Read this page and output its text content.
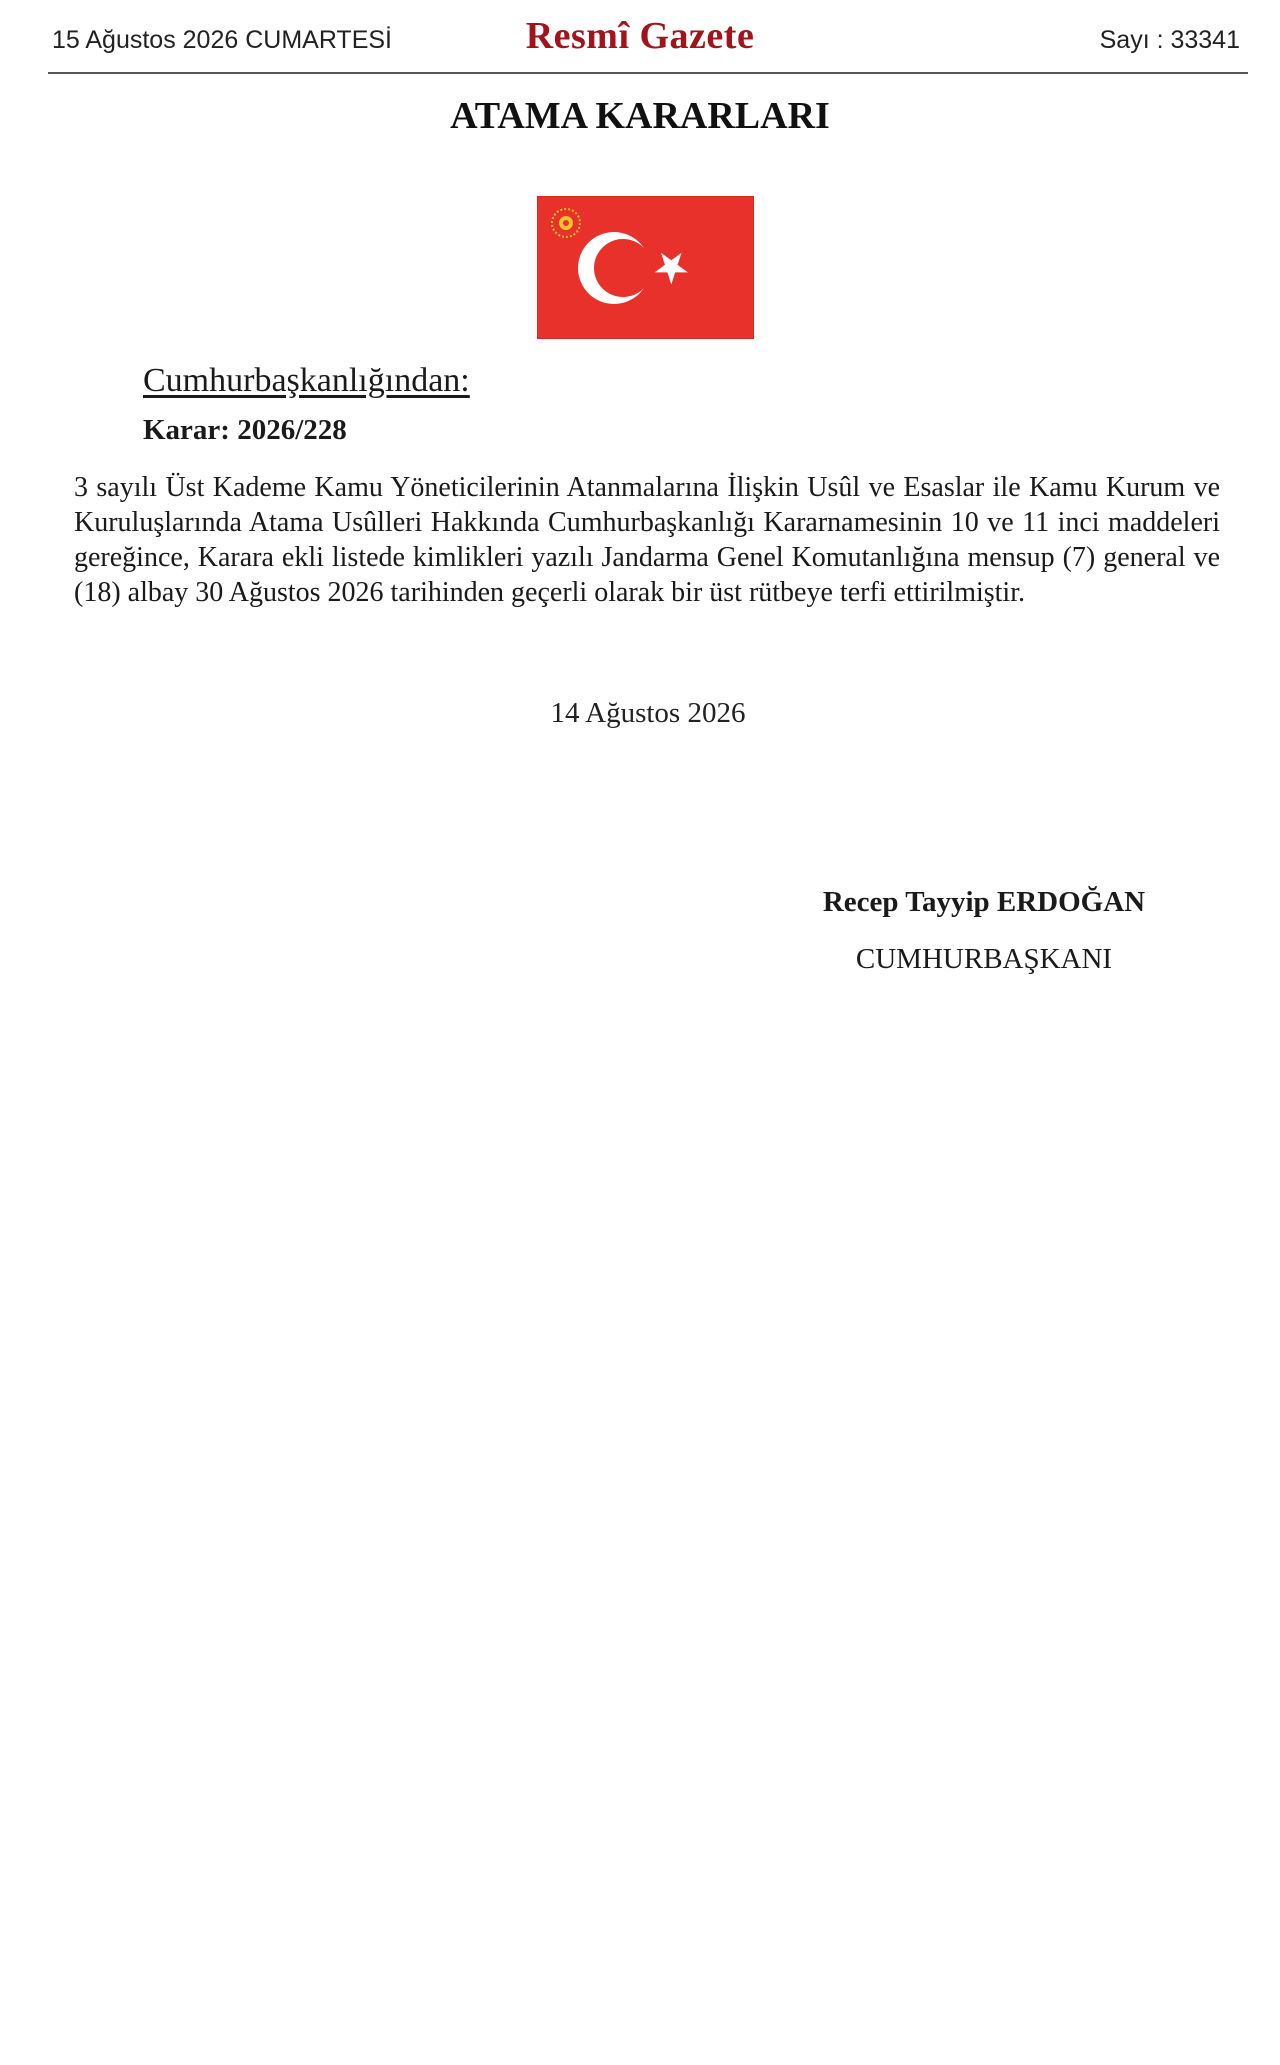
15 Ağustos 2026 CUMARTESİ	Resmî Gazete	Sayı : 33341
ATAMA KARARLARI
Cumhurbaşkanlığından:
Karar: 2026/228
3 sayılı Üst Kademe Kamu Yöneticilerinin Atanmalarına İlişkin Usûl ve Esaslar ile Kamu Kurum ve Kuruluşlarında Atama Usûlleri Hakkında Cumhurbaşkanlığı Kararnamesinin 10 ve 11 inci maddeleri gereğince, Karara ekli listede kimlikleri yazılı Jandarma Genel Komutanlığına mensup (7) general ve (18) albay 30 Ağustos 2026 tarihinden geçerli olarak bir üst rütbeye terfi ettirilmiştir.
14 Ağustos 2026
Recep Tayyip ERDOĞAN
CUMHURBAŞKANI
